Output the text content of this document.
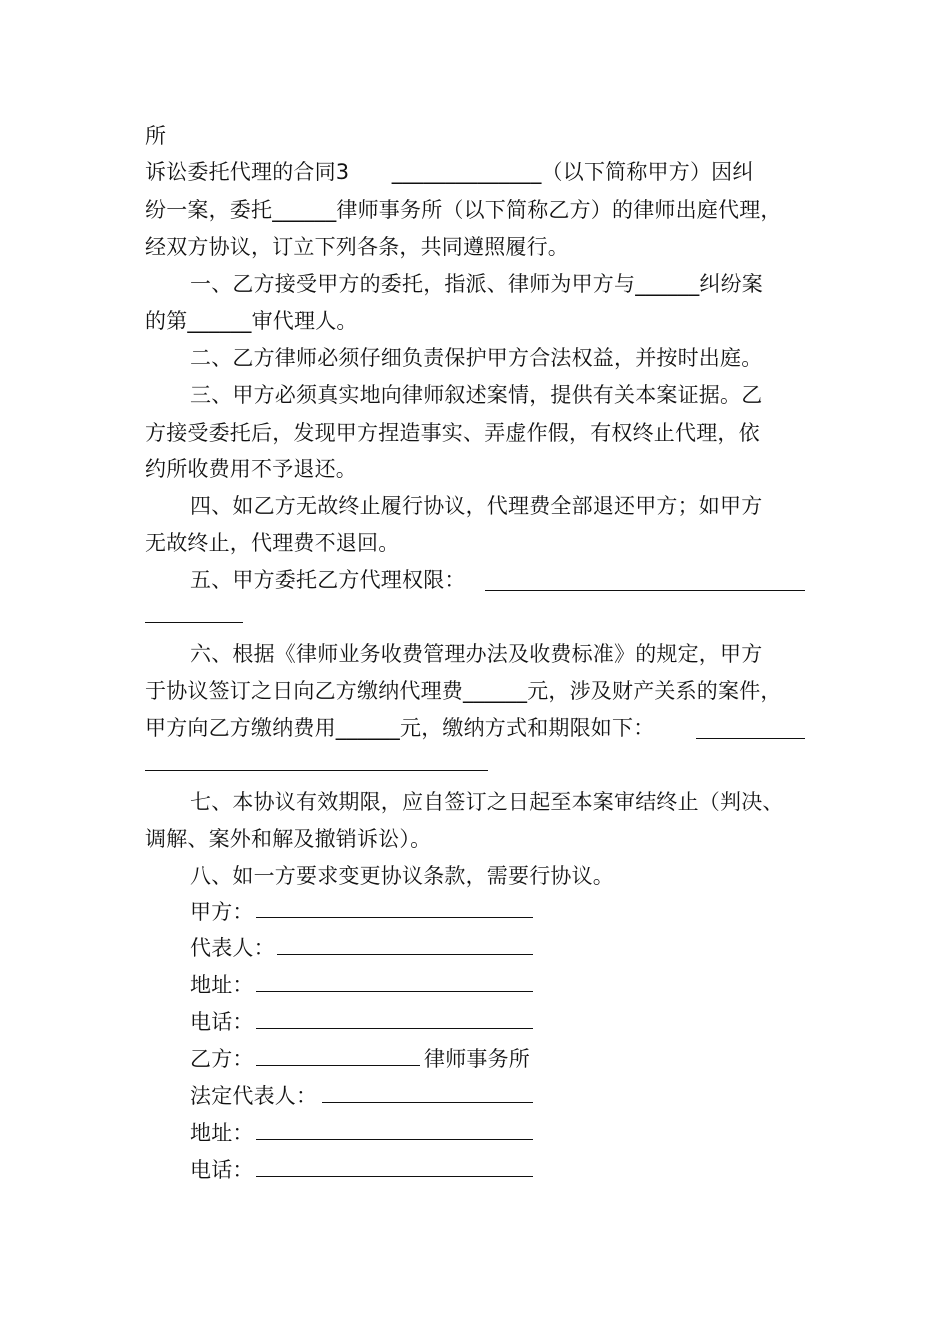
所
诉讼委托代理的合同3　　______________（以下简称甲方）因纠
纷一案，委托______律师事务所（以下简称乙方）的律师出庭代理，
经双方协议，订立下列各条，共同遵照履行。
一、乙方接受甲方的委托，指派、律师为甲方与______纠纷案
的第______审代理人。
二、乙方律师必须仔细负责保护甲方合法权益，并按时出庭。
三、甲方必须真实地向律师叙述案情，提供有关本案证据。乙
方接受委托后，发现甲方捏造事实、弄虚作假，有权终止代理，依
约所收费用不予退还。
四、如乙方无故终止履行协议，代理费全部退还甲方；如甲方
无故终止，代理费不退回。
五、甲方委托乙方代理权限：
六、根据《律师业务收费管理办法及收费标准》的规定，甲方
于协议签订之日向乙方缴纳代理费______元，涉及财产关系的案件，
甲方向乙方缴纳费用______元，缴纳方式和期限如下：
七、本协议有效期限，应自签订之日起至本案审结终止（判决、
调解、案外和解及撤销诉讼）。
八、如一方要求变更协议条款，需要行协议。
甲方：
代表人：
地址：
电话：
乙方：	律师事务所
法定代表人：
地址：
电话：
